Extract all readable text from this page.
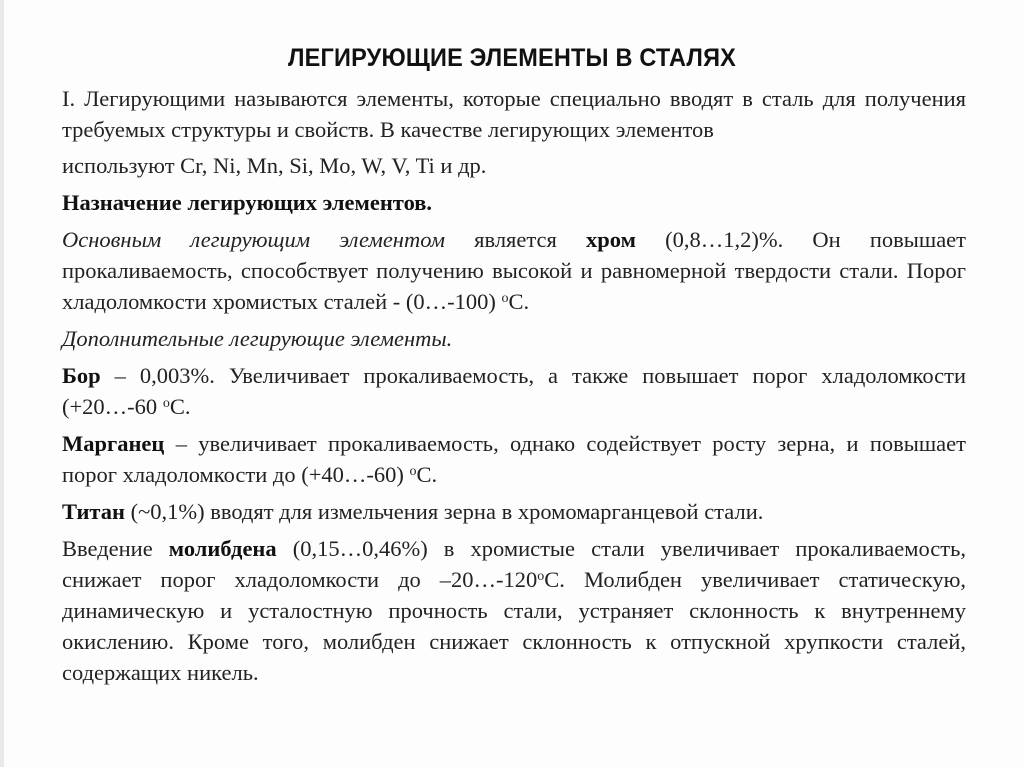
ЛЕГИРУЮЩИЕ ЭЛЕМЕНТЫ В СТАЛЯХ

I. Легирующими называются элементы, которые специально вводят в сталь для получения требуемых структуры и свойств. В качестве легирующих элементов

используют Cr, Ni, Mn, Si, Mo, W, V, Ti и др.

Назначение легирующих элементов.

Основным легирующим элементом является хром (0,8…1,2)%. Он повышает прокаливаемость, способствует получению высокой и равномерной твердости стали. Порог хладоломкости хромистых сталей - (0…-100) $^о$С.

Дополнительные легирующие элементы.

Бор – 0,003%. Увеличивает прокаливаемость, а также повышает порог хладоломкости (+20…-60 $^о$С.

Марганец – увеличивает прокаливаемость, однако содействует росту зерна, и повышает порог хладоломкости до (+40…-60) $^о$С.

Титан (~0,1%) вводят для измельчения зерна в хромомарганцевой стали.

Введение молибдена (0,15…0,46%) в хромистые стали увеличивает прокаливаемость, снижает порог хладоломкости до $-20\dots-120^оС$. Молибден увеличивает статическую, динамическую и усталостную прочность стали, устраняет склонность к внутреннему окислению. Кроме того, молибден снижает склонность к отпускной хрупкости сталей, содержащих никель.
